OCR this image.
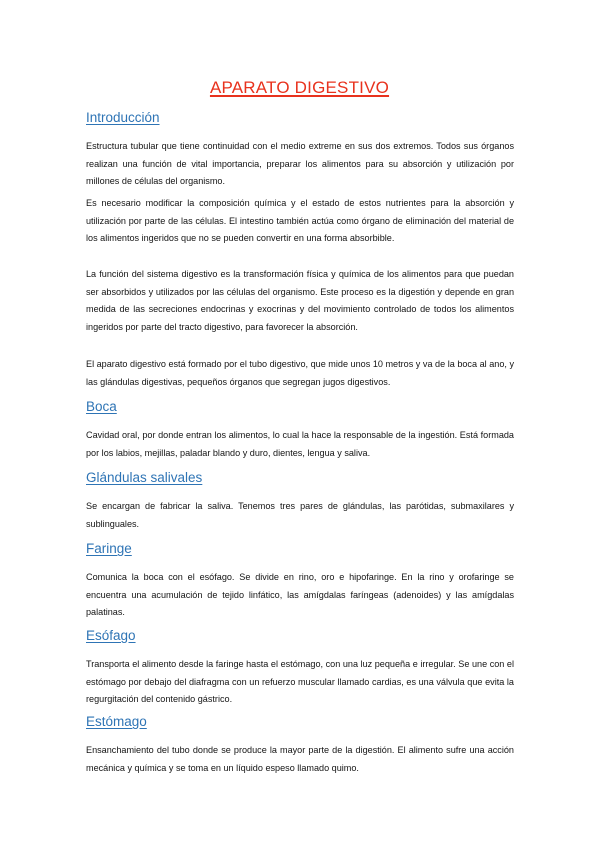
APARATO DIGESTIVO
Introducción

Estructura tubular que tiene continuidad con el medio extreme en sus dos extremos. Todos sus órganos realizan una función de vital importancia, preparar los alimentos para su absorción y utilización por millones de células del organismo.

Es necesario modificar la composición química y el estado de estos nutrientes para la absorción y utilización por parte de las células. El intestino también actúa como órgano de eliminación del material de los alimentos ingeridos que no se pueden convertir en una forma absorbible.

La función del sistema digestivo es la transformación física y química de los alimentos para que puedan ser absorbidos y utilizados por las células del organismo. Este proceso es la digestión y depende en gran medida de las secreciones endocrinas y exocrinas y del movimiento controlado de todos los alimentos ingeridos por parte del tracto digestivo, para favorecer la absorción.

El aparato digestivo está formado por el tubo digestivo, que mide unos 10 metros y va de la boca al ano, y las glándulas digestivas, pequeños órganos que segregan jugos digestivos.

Boca

Cavidad oral, por donde entran los alimentos, lo cual la hace la responsable de la ingestión. Está formada por los labios, mejillas, paladar blando y duro, dientes, lengua y saliva.

Glándulas salivales

Se encargan de fabricar la saliva. Tenemos tres pares de glándulas, las parótidas, submaxilares y sublinguales.

Faringe

Comunica la boca con el esófago. Se divide en rino, oro e hipofaringe. En la rino y orofaringe se encuentra una acumulación de tejido linfático, las amígdalas faríngeas (adenoides) y las amígdalas palatinas.

Esófago

Transporta el alimento desde la faringe hasta el estómago, con una luz pequeña e irregular. Se une con el estómago por debajo del diafragma con un refuerzo muscular llamado cardias, es una válvula que evita la regurgitación del contenido gástrico.

Estómago

Ensanchamiento del tubo donde se produce la mayor parte de la digestión. El alimento sufre una acción mecánica y química y se toma en un líquido espeso llamado quimo.
